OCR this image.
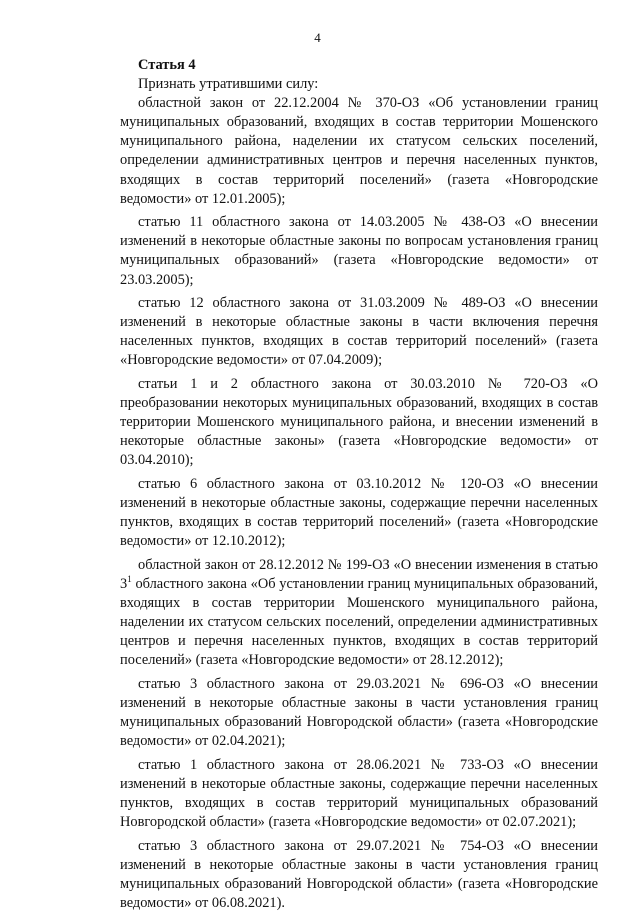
4

Статья 4

Признать утратившими силу:

областной закон от 22.12.2004 № 370-ОЗ «Об установлении границ муниципальных образований, входящих в состав территории Мошенского муниципального района, наделении их статусом сельских поселений, определении административных центров и перечня населенных пунктов, входящих в состав территорий поселений» (газета «Новгородские ведомости» от 12.01.2005);

статью 11 областного закона от 14.03.2005 № 438-ОЗ «О внесении изменений в некоторые областные законы по вопросам установления границ муниципальных образований» (газета «Новгородские ведомости» от 23.03.2005);

статью 12 областного закона от 31.03.2009 № 489-ОЗ «О внесении изменений в некоторые областные законы в части включения перечня населенных пунктов, входящих в состав территорий поселений» (газета «Новгородские ведомости» от 07.04.2009);

статьи 1 и 2 областного закона от 30.03.2010 № 720-ОЗ «О преобразовании некоторых муниципальных образований, входящих в состав территории Мошенского муниципального района, и внесении изменений в некоторые областные законы» (газета «Новгородские ведомости» от 03.04.2010);

статью 6 областного закона от 03.10.2012 № 120-ОЗ «О внесении изменений в некоторые областные законы, содержащие перечни населенных пунктов, входящих в состав территорий поселений» (газета «Новгородские ведомости» от 12.10.2012);

областной закон от 28.12.2012 № 199-ОЗ «О внесении изменения в статью $3^1$ областного закона «Об установлении границ муниципальных образований, входящих в состав территории Мошенского муниципального района, наделении их статусом сельских поселений, определении административных центров и перечня населенных пунктов, входящих в состав территорий поселений» (газета «Новгородские ведомости» от 28.12.2012);

статью 3 областного закона от 29.03.2021 № 696-ОЗ «О внесении изменений в некоторые областные законы в части установления границ муниципальных образований Новгородской области» (газета «Новгородские ведомости» от 02.04.2021);

статью 1 областного закона от 28.06.2021 № 733-ОЗ «О внесении изменений в некоторые областные законы, содержащие перечни населенных пунктов, входящих в состав территорий муниципальных образований Новгородской области» (газета «Новгородские ведомости» от 02.07.2021);

статью 3 областного закона от 29.07.2021 № 754-ОЗ «О внесении изменений в некоторые областные законы в части установления границ муниципальных образований Новгородской области» (газета «Новгородские ведомости» от 06.08.2021).
